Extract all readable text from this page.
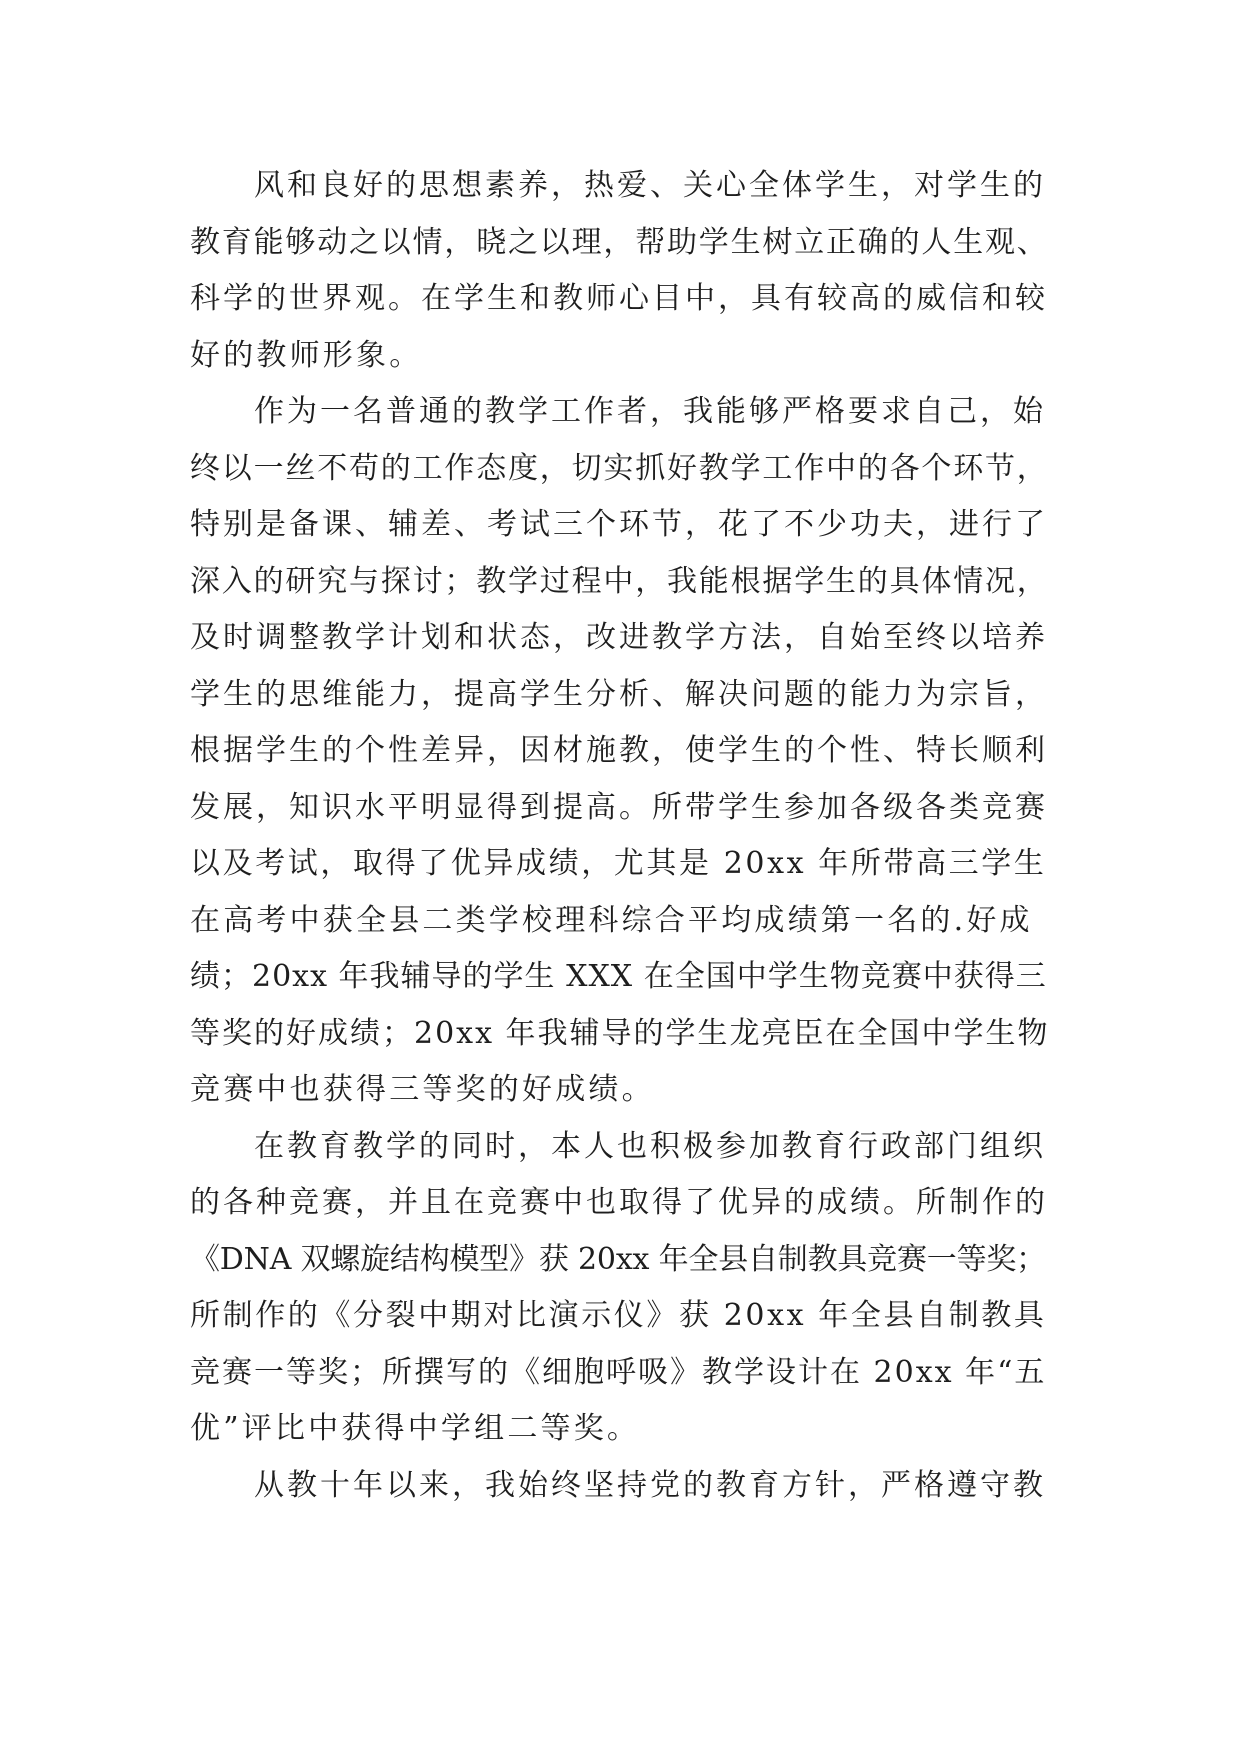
风和良好的思想素养，热爱、关心全体学生，对学生的
教育能够动之以情，晓之以理，帮助学生树立正确的人生观、
科学的世界观。在学生和教师心目中，具有较高的威信和较
好的教师形象。
作为一名普通的教学工作者，我能够严格要求自己，始
终以一丝不苟的工作态度，切实抓好教学工作中的各个环节，
特别是备课、辅差、考试三个环节，花了不少功夫，进行了
深入的研究与探讨；教学过程中，我能根据学生的具体情况，
及时调整教学计划和状态，改进教学方法，自始至终以培养
学生的思维能力，提高学生分析、解决问题的能力为宗旨，
根据学生的个性差异，因材施教，使学生的个性、特长顺利
发展，知识水平明显得到提高。所带学生参加各级各类竞赛
以及考试，取得了优异成绩，尤其是 20xx 年所带高三学生
在高考中获全县二类学校理科综合平均成绩第一名的.好成
绩；20xx 年我辅导的学生 XXX 在全国中学生物竞赛中获得三
等奖的好成绩；20xx 年我辅导的学生龙亮臣在全国中学生物
竞赛中也获得三等奖的好成绩。
在教育教学的同时，本人也积极参加教育行政部门组织
的各种竞赛，并且在竞赛中也取得了优异的成绩。所制作的
《DNA 双螺旋结构模型》获 20xx 年全县自制教具竞赛一等奖；
所制作的《分裂中期对比演示仪》获 20xx 年全县自制教具
竞赛一等奖；所撰写的《细胞呼吸》教学设计在 20xx 年“五
优”评比中获得中学组二等奖。
从教十年以来，我始终坚持党的教育方针，严格遵守教
